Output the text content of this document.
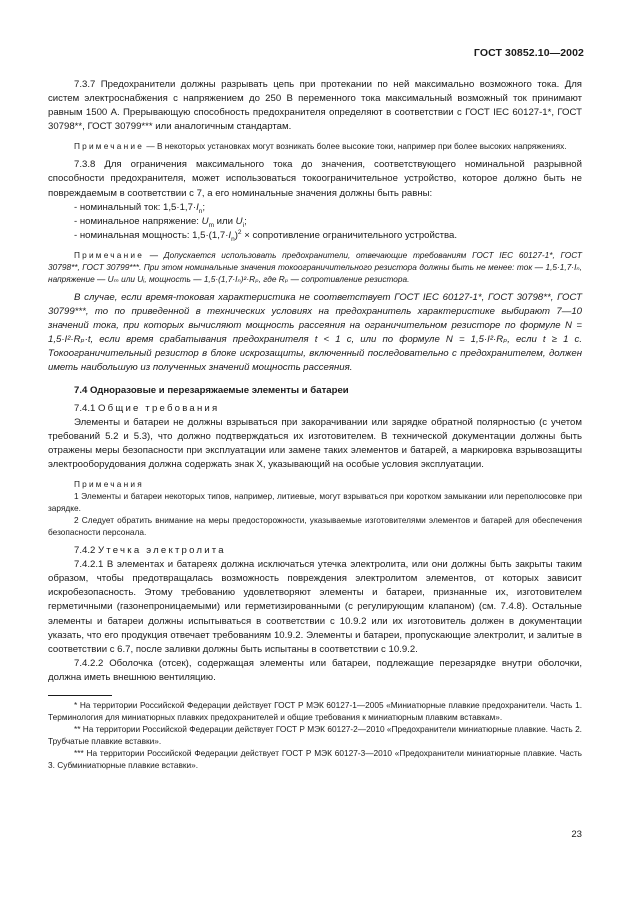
ГОСТ 30852.10—2002

7.3.7 Предохранители должны разрывать цепь при протекании по ней максимально возможного тока. Для систем электроснабжения с напряжением до 250 В переменного тока максимальный возможный ток принимают равным 1500 А. Прерывающую способность предохранителя определяют в соответствии с ГОСТ IEC 60127-1*, ГОСТ 30798**, ГОСТ 30799*** или аналогичным стандартам.

Примечание — В некоторых установках могут возникать более высокие токи, например при более высоких напряжениях.

7.3.8 Для ограничения максимального тока до значения, соответствующего номинальной разрывной способности предохранителя, может использоваться токоограничительное устройство, которое должно быть не повреждаемым в соответствии с 7, а его номинальные значения должны быть равны:

- номинальный ток: $1,5\cdot 1,7\cdot I_n$;

- номинальное напряжение: $U_m$ или $U_i$;

- номинальная мощность: $1,5\cdot(1,7\cdot I_n)^2$ × сопротивление ограничительного устройства.

Примечание — Допускается использовать предохранители, отвечающие требованиям ГОСТ IEC 60127-1*, ГОСТ 30798**, ГОСТ 30799***. При этом номинальные значения токоограничительного резистора должны быть не менее: ток — 1,5·1,7·Iₙ, напряжение — Uₘ или Uᵢ, мощность — 1,5·(1,7·Iₙ)²·Rₚ, где Rₚ — сопротивление резистора.

В случае, если время-токовая характеристика не соответствует ГОСТ IEC 60127-1*, ГОСТ 30798**, ГОСТ 30799***, то по приведенной в технических условиях на предохранитель характеристике выбирают 7—10 значений тока, при которых вычисляют мощность рассеяния на ограничительном резисторе по формуле N = 1,5·I²·Rₚ·t, если время срабатывания предохранителя t < 1 с, или по формуле N = 1,5·I²·Rₚ, если t ≥ 1 с. Токоограничительный резистор в блоке искрозащиты, включенный последовательно с предохранителем, должен иметь наибольшую из полученных значений мощность рассеяния.

7.4 Одноразовые и перезаряжаемые элементы и батареи

7.4.1 Общие требования

Элементы и батареи не должны взрываться при закорачивании или зарядке обратной полярностью (с учетом требований 5.2 и 5.3), что должно подтверждаться их изготовителем. В технической документации должны быть отражены меры безопасности при эксплуатации или замене таких элементов и батарей, а маркировка взрывозащиты электрооборудования должна содержать знак X, указывающий на особые условия эксплуатации.

Примечания

1 Элементы и батареи некоторых типов, например, литиевые, могут взрываться при коротком замыкании или переполюсовке при зарядке.

2 Следует обратить внимание на меры предосторожности, указываемые изготовителями элементов и батарей для обеспечения безопасности персонала.

7.4.2 Утечка электролита

7.4.2.1 В элементах и батареях должна исключаться утечка электролита, или они должны быть закрыты таким образом, чтобы предотвращалась возможность повреждения электролитом элементов, от которых зависит искробезопасность. Этому требованию удовлетворяют элементы и батареи, признанные их, изготовителем герметичными (газонепроницаемыми) или герметизированными (с регулирующим клапаном) (см. 7.4.8). Остальные элементы и батареи должны испытываться в соответствии с 10.9.2 или их изготовитель должен в документации указать, что его продукция отвечает требованиям 10.9.2. Элементы и батареи, пропускающие электролит, и залитые в соответствии с 6.7, после заливки должны быть испытаны в соответствии с 10.9.2.

7.4.2.2 Оболочка (отсек), содержащая элементы или батареи, подлежащие перезарядке внутри оболочки, должна иметь внешнюю вентиляцию.

* На территории Российской Федерации действует ГОСТ Р МЭК 60127-1—2005 «Миниатюрные плавкие предохранители. Часть 1. Терминология для миниатюрных плавких предохранителей и общие требования к миниатюрным плавким вставкам».

** На территории Российской Федерации действует ГОСТ Р МЭК 60127-2—2010 «Предохранители миниатюрные плавкие. Часть 2. Трубчатые плавкие вставки».

*** На территории Российской Федерации действует ГОСТ Р МЭК 60127-3—2010 «Предохранители миниатюрные плавкие. Часть 3. Субминиатюрные плавкие вставки».

23
